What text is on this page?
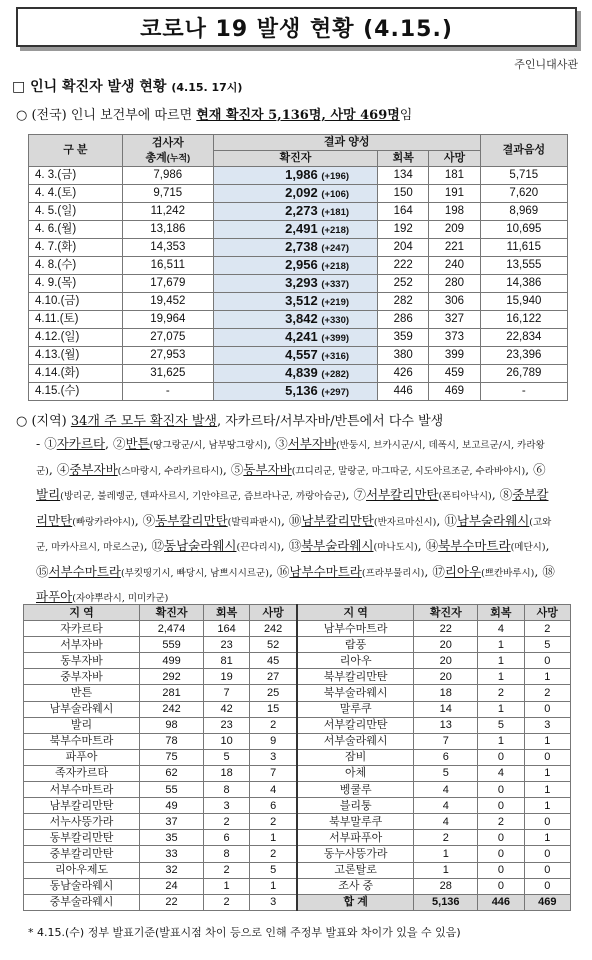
코로나 19 발생 현황 (4.15.)
주인니대사관
□ 인니 확진자 발생 현황 (4.15. 17시)
○ (전국) 인니 보건부에 따르면 현재 확진자 5,136명, 사망 469명임
구 분	검사자
총계(누적)	결과 양성			결과음성
		확진자	회복	사망	
4. 3.(금)	7,986	1,986 (+196)	134	181	5,715
4. 4.(토)	9,715	2,092 (+106)	150	191	7,620
4. 5.(일)	11,242	2,273 (+181)	164	198	8,969
4. 6.(월)	13,186	2,491 (+218)	192	209	10,695
4. 7.(화)	14,353	2,738 (+247)	204	221	11,615
4. 8.(수)	16,511	2,956 (+218)	222	240	13,555
4. 9.(목)	17,679	3,293 (+337)	252	280	14,386
4.10.(금)	19,452	3,512 (+219)	282	306	15,940
4.11.(토)	19,964	3,842 (+330)	286	327	16,122
4.12.(일)	27,075	4,241 (+399)	359	373	22,834
4.13.(월)	27,953	4,557 (+316)	380	399	23,396
4.14.(화)	31,625	4,839 (+282)	426	459	26,789
4.15.(수)	-	5,136 (+297)	446	469	-
○ (지역) 34개 주 모두 확진자 발생, 자카르타/서부자바/반튼에서 다수 발생
- ①자카르타, ②반튼(땅그랑군/시, 남부땅그랑시), ③서부자바(반둥시, 브카시군/시, 데폭시, 보고르군/시, 카라왕군), ④중부자바(스마랑시, 수라카르타시), ⑤동부자바(끄디리군, 말랑군, 마그따군, 시도아르조군, 수라바야시), ⑥발리(방리군, 불레렝군, 덴파사르시, 기안야르군, 즘브라나군, 까랑아슴군), ⑦서부칼리만탄(폰티아낙시), ⑧중부칼리만탄(빠랑카라야시), ⑨동부칼리만탄(발릭파판시), ⑩남부칼리만탄(반자르마신시), ⑪남부술라웨시(고와군, 마카사르시, 마로스군), ⑫동남술라웨시(끈다리시), ⑬북부술라웨시(마나도시), ⑭북부수마트라(메단시), ⑮서부수마트라(부킷띵기시, 빠당시, 남쁘시시르군), ⑯남부수마트라(프라부물리시), ⑰리아우(쁘칸바루시), ⑱파푸아(자야뿌라시, 미미카군)
지 역	확진자	회복	사망	지 역	확진자	회복	사망
자카르타	2,474	164	242	남부수마트라	22	4	2
서부자바	559	23	52	람풍	20	1	5
동부자바	499	81	45	리아우	20	1	0
중부자바	292	19	27	북부칼리만탄	20	1	1
반튼	281	7	25	북부술라웨시	18	2	2
남부술라웨시	242	42	15	말루쿠	14	1	0
발리	98	23	2	서부칼리만탄	13	5	3
북부수마트라	78	10	9	서부술라웨시	7	1	1
파푸아	75	5	3	잠비	6	0	0
족자카르타	62	18	7	아체	5	4	1
서부수마트라	55	8	4	벵쿨루	4	0	1
남부칼리만탄	49	3	6	블리퉁	4	0	1
서누사뜽가라	37	2	2	북부말루쿠	4	2	0
동부칼리만탄	35	6	1	서부파푸아	2	0	1
중부칼리만탄	33	8	2	동누사뜽가라	1	0	0
리아우제도	32	2	5	고론탈로	1	0	0
동남술라웨시	24	1	1	조사 중	28	0	0
중부술라웨시	22	2	3	합 계	5,136	446	469
* 4.15.(수) 정부 발표기준(발표시점 차이 등으로 인해 주정부 발표와 차이가 있을 수 있음)
